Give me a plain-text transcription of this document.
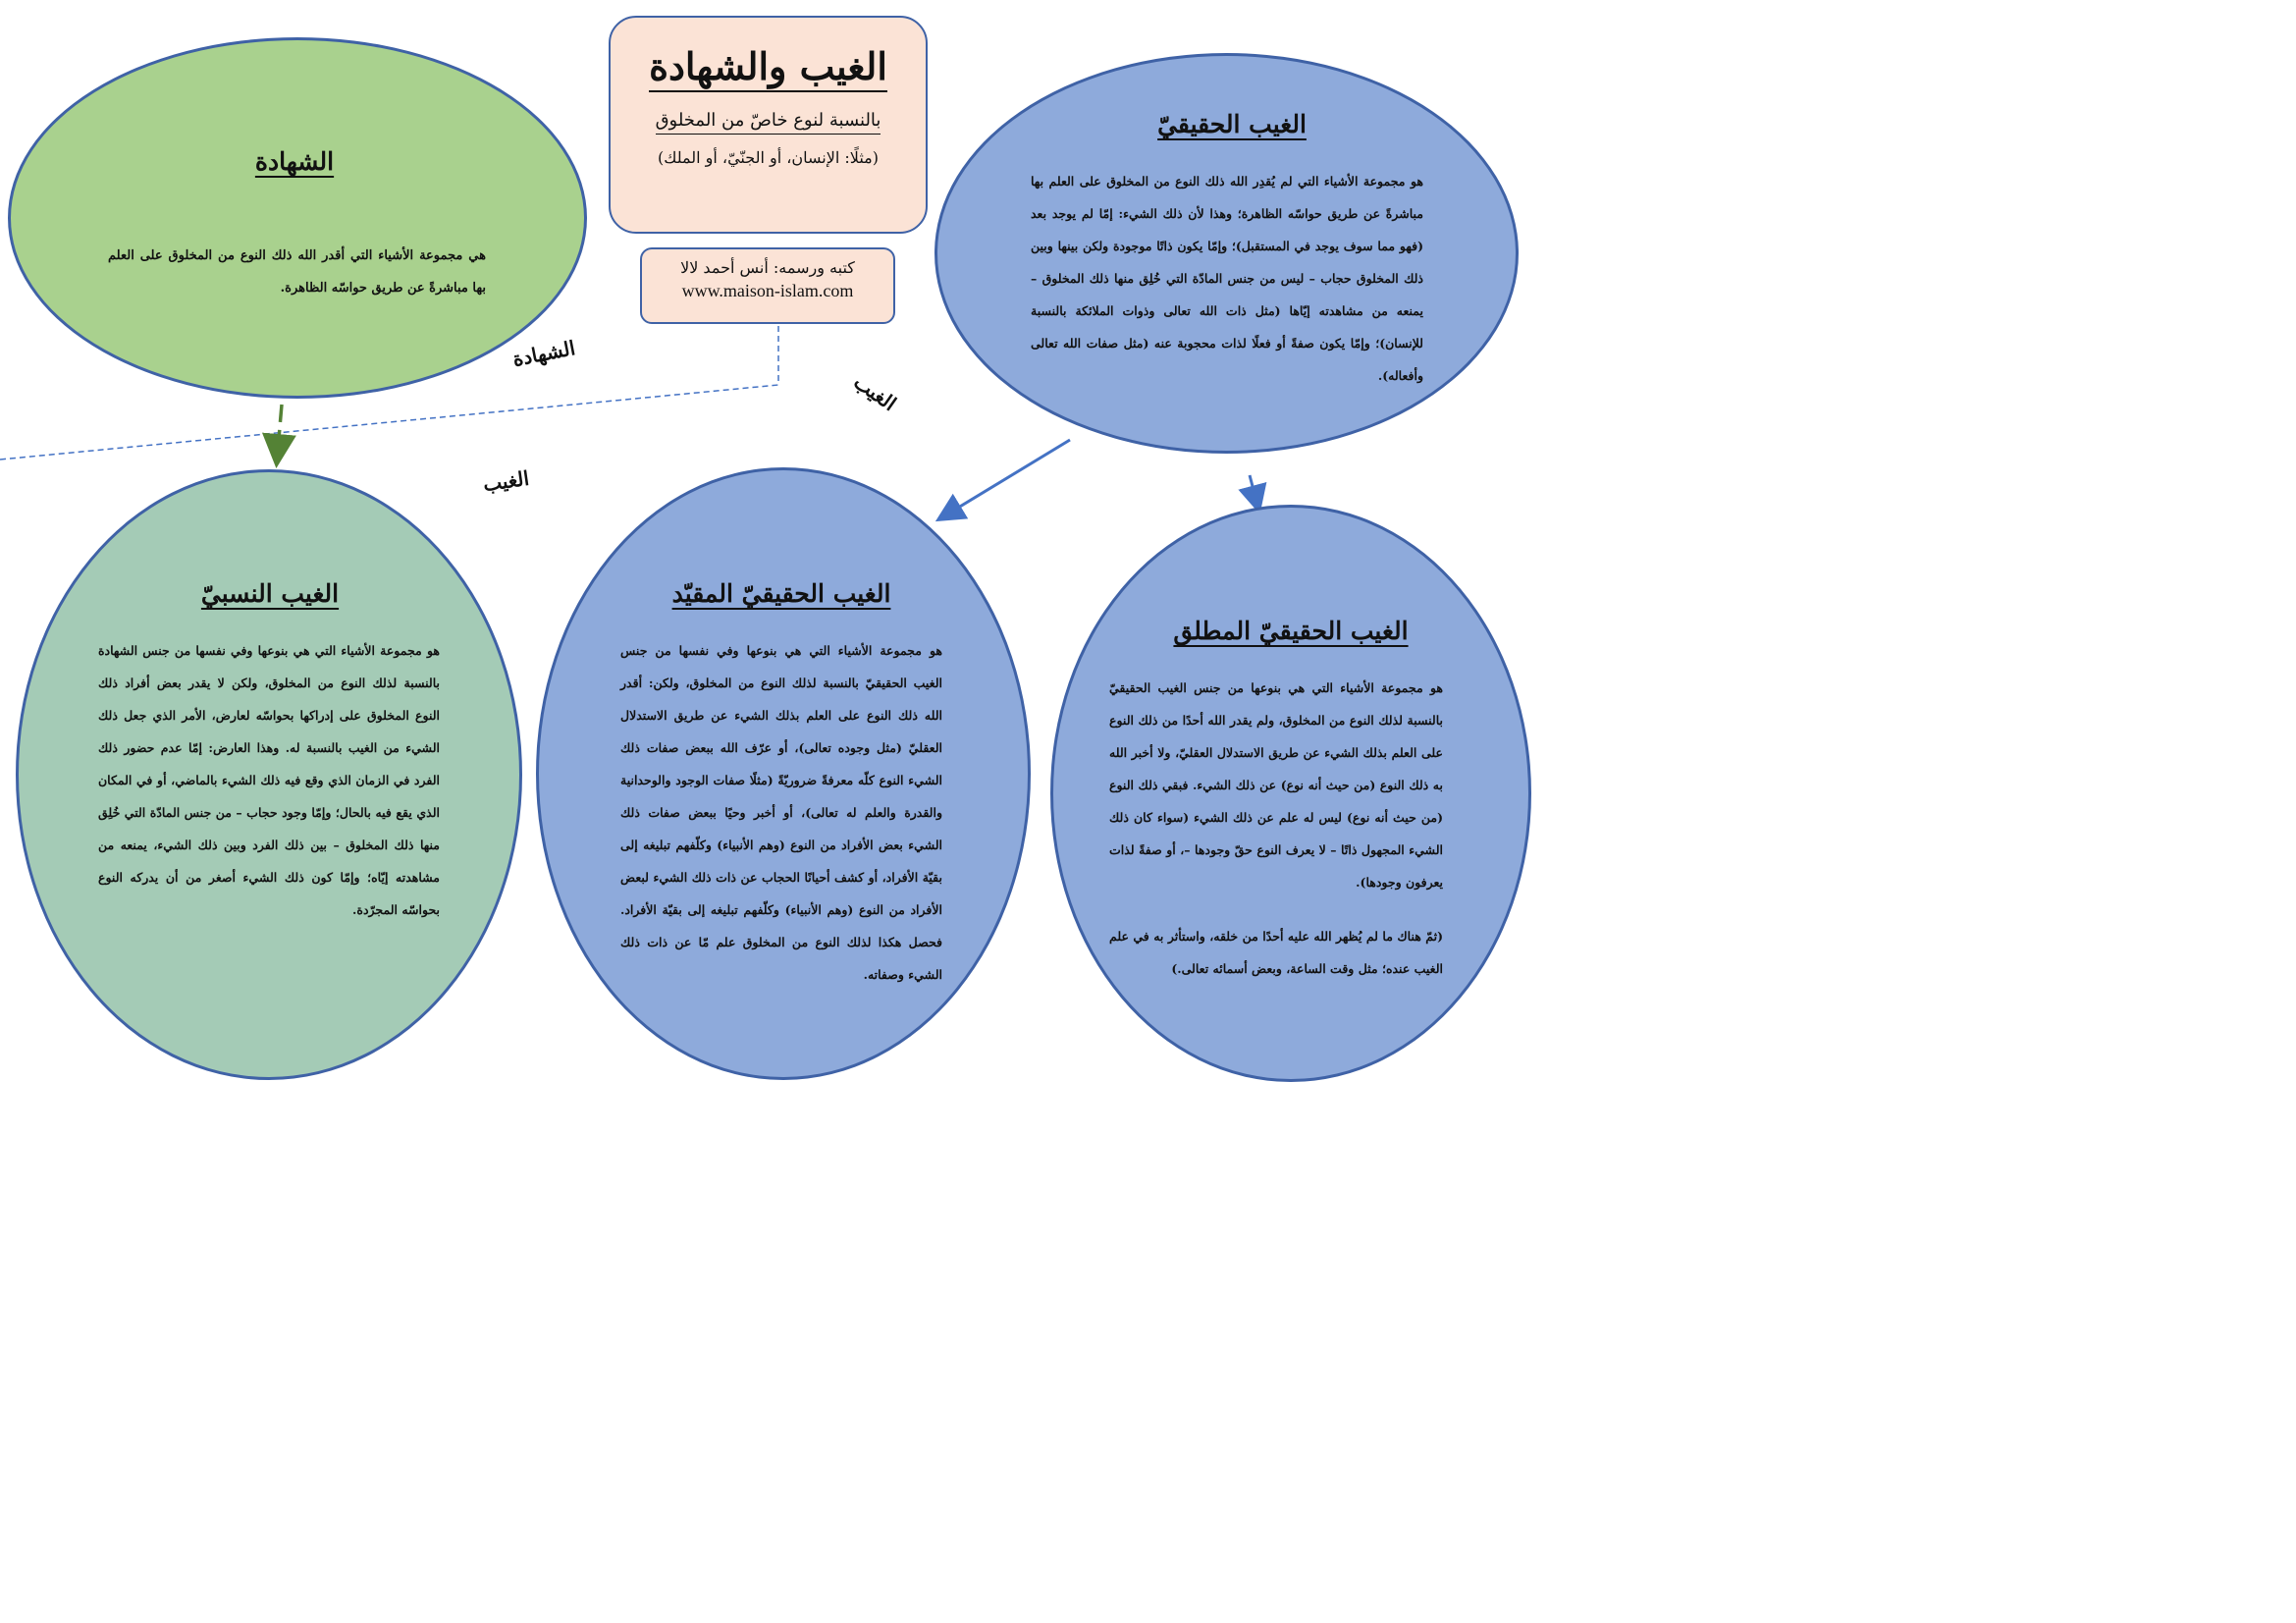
الغيب والشهادة
بالنسبة لنوع خاصّ من المخلوق
(مثلًا: الإنسان، أو الجنّيّ، أو الملك)
كتبه ورسمه: أنس أحمد لالا
www.maison-islam.com
الشهادة

هي مجموعة الأشياء التي أقدر الله ذلك النوع من المخلوق على العلم بها مباشرةً عن طريق حواسّه الظاهرة.

الغيب الحقيقيّ

هو مجموعة الأشياء التي لم يُقدِر الله ذلك النوع من المخلوق على العلم بها مباشرةً عن طريق حواسّه الظاهرة؛ وهذا لأن ذلك الشيء: إمّا لم يوجد بعد (فهو مما سوف يوجد في المستقبل)؛ وإمّا يكون ذاتًا موجودة ولكن بينها وبين ذلك المخلوق حجاب – ليس من جنس المادّة التي خُلِق منها ذلك المخلوق – يمنعه من مشاهدته إيّاها (مثل ذات الله تعالى وذوات الملائكة بالنسبة للإنسان)؛ وإمّا يكون صفةً أو فعلًا لذات محجوبة عنه (مثل صفات الله تعالى وأفعاله).

الشهادة
الغيب
الغيب
الغيب النسبيّ

هو مجموعة الأشياء التي هي بنوعها وفي نفسها من جنس الشهادة بالنسبة لذلك النوع من المخلوق، ولكن لا يقدر بعض أفراد ذلك النوع المخلوق على إدراكها بحواسّه لعارض، الأمر الذي جعل ذلك الشيء من الغيب بالنسبة له. وهذا العارض: إمّا عدم حضور ذلك الفرد في الزمان الذي وقع فيه ذلك الشيء بالماضي، أو في المكان الذي يقع فيه بالحال؛ وإمّا وجود حجاب – من جنس المادّة التي خُلِق منها ذلك المخلوق – بين ذلك الفرد وبين ذلك الشيء، يمنعه من مشاهدته إيّاه؛ وإمّا كون ذلك الشيء أصغر من أن يدركه النوع بحواسّه المجرّدة.

الغيب الحقيقيّ المقيّد

هو مجموعة الأشياء التي هي بنوعها وفي نفسها من جنس الغيب الحقيقيّ بالنسبة لذلك النوع من المخلوق، ولكن: أقدر الله ذلك النوع على العلم بذلك الشيء عن طريق الاستدلال العقليّ (مثل وجوده تعالى)، أو عرّف الله ببعض صفات ذلك الشيء النوع كلّه معرفةً ضروريّةً (مثلًا صفات الوجود والوحدانية والقدرة والعلم له تعالى)، أو أخبر وحيًا ببعض صفات ذلك الشيء بعض الأفراد من النوع (وهم الأنبياء) وكلّفهم تبليغه إلى بقيّة الأفراد، أو كشف أحيانًا الحجاب عن ذات ذلك الشيء لبعض الأفراد من النوع (وهم الأنبياء) وكلّفهم تبليغه إلى بقيّة الأفراد. فحصل هكذا لذلك النوع من المخلوق علم مّا عن ذات ذلك الشيء وصفاته.

الغيب الحقيقيّ المطلق
هو مجموعة الأشياء التي هي بنوعها من جنس الغيب الحقيقيّ بالنسبة لذلك النوع من المخلوق، ولم يقدر الله أحدًا من ذلك النوع على العلم بذلك الشيء عن طريق الاستدلال العقليّ، ولا أخبر الله به ذلك النوع (من حيث أنه نوع) عن ذلك الشيء. فبقي ذلك النوع (من حيث أنه نوع) ليس له علم عن ذلك الشيء (سواء كان ذلك الشيء المجهول ذاتًا – لا يعرف النوع حقّ وجودها –، أو صفةً لذات يعرفون وجودها).
(ثمّ هناك ما لم يُظهر الله عليه أحدًا من خلقه، واستأثر به في علم الغيب عنده؛ مثل وقت الساعة، وبعض أسمائه تعالى.)
